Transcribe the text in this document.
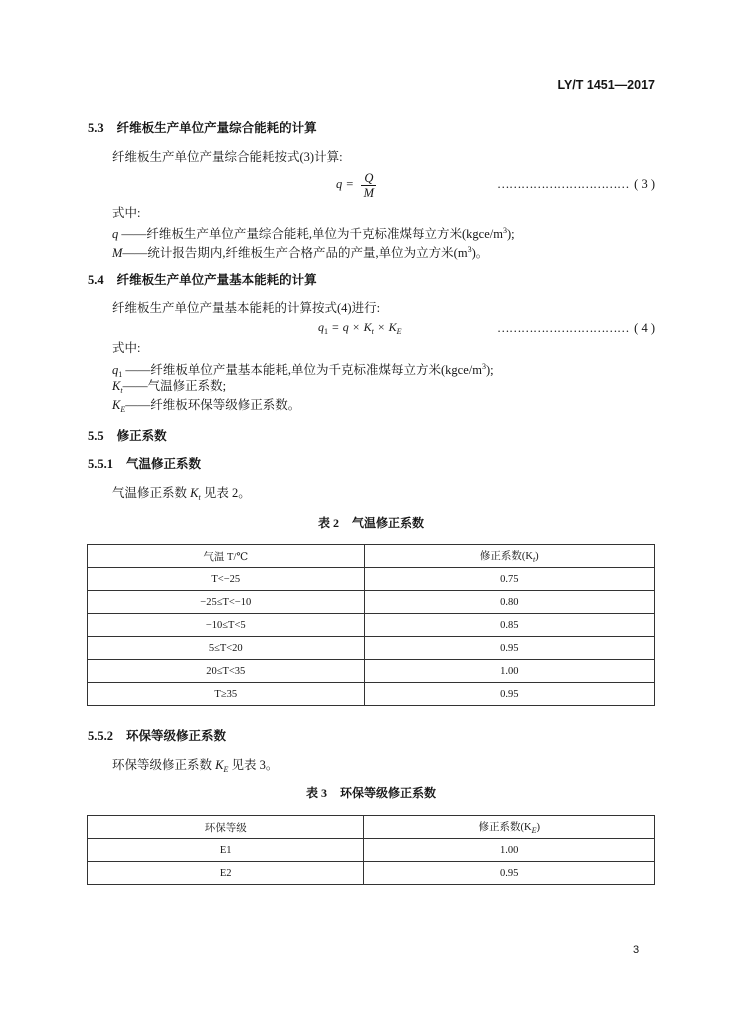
LY/T 1451—2017
5.3 纤维板生产单位产量综合能耗的计算
纤维板生产单位产量综合能耗按式(3)计算:
$q = \frac{Q}{M}$	…………………………… ( 3 )
式中:
q ——纤维板生产单位产量综合能耗,单位为千克标准煤每立方米$(kgce/m^3)$;
M——统计报告期内,纤维板生产合格产品的产量,单位为立方米$(m^3)$。
5.4 纤维板生产单位产量基本能耗的计算
纤维板生产单位产量基本能耗的计算按式(4)进行:
$q_1 = q \times K_t \times K_E$	…………………………… ( 4 )
式中:
$q_1$ ——纤维板单位产量基本能耗,单位为千克标准煤每立方米$(kgce/m^3)$;
$K_t——$气温修正系数;
$K_E——$纤维板环保等级修正系数。
5.5 修正系数
5.5.1 气温修正系数
气温修正系数 $K_t$ 见表 2。
表 2 气温修正系数
气温 T/℃	修正系数$(K_t)$
T<−25	0.75
−25≤T<−10	0.80
−10≤T<5	0.85
5≤T<20	0.95
20≤T<35	1.00
T≥35	0.95
5.5.2 环保等级修正系数
环保等级修正系数 $K_E$ 见表 3。
表 3 环保等级修正系数
环保等级	修正系数$(K_E)$
E1	1.00
E2	0.95
3
